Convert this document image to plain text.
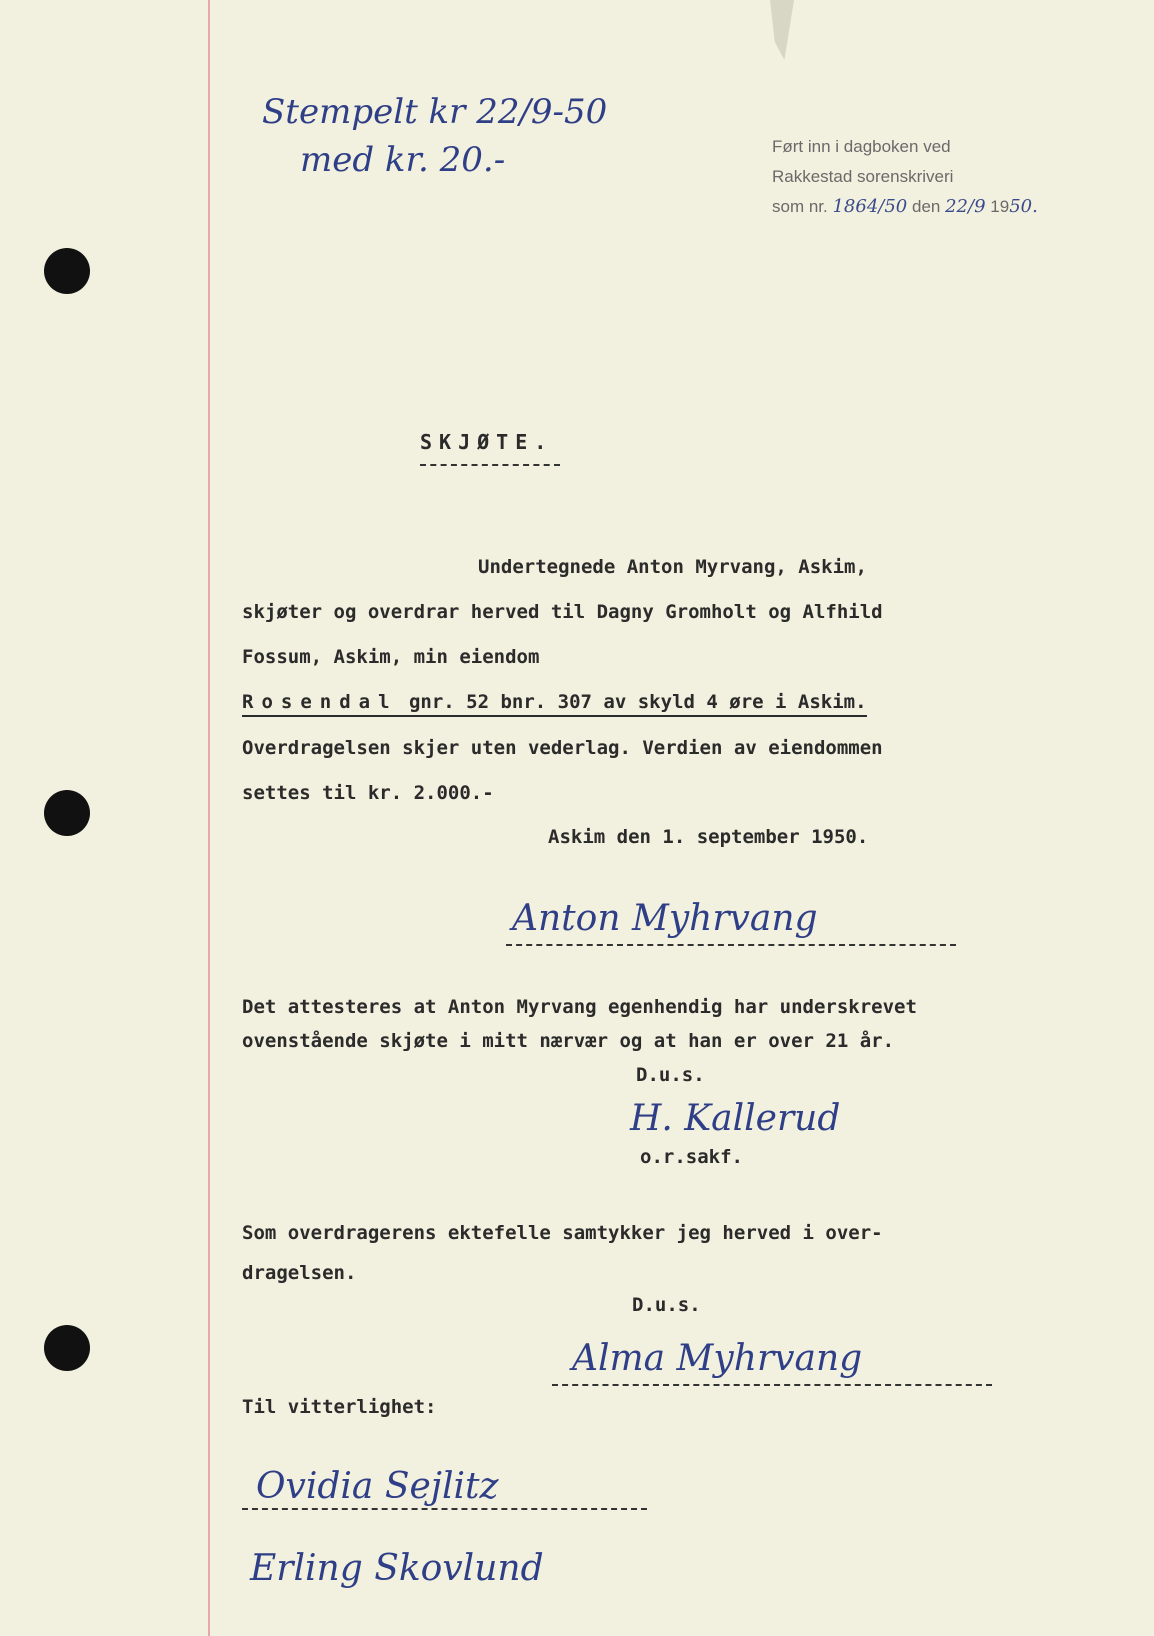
Stempelt kr 22/9-50
med kr. 20.-	Ført inn i dagboken ved
Rakkestad sorenskriveri
som nr. 1864/50 den 22/9 1950.
SKJØTE.
Undertegnede Anton Myrvang, Askim,
skjøter og overdrar herved til Dagny Gromholt og Alfhild
Fossum, Askim, min eiendom
Rosendal gnr. 52 bnr. 307 av skyld 4 øre i Askim.
Overdragelsen skjer uten vederlag. Verdien av eiendommen
settes til kr. 2.000.-
Askim den 1. september 1950.
Anton Myhrvang
Det attesteres at Anton Myrvang egenhendig har underskrevet
ovenstående skjøte i mitt nærvær og at han er over 21 år.
D.u.s.
H. Kallerud
o.r.sakf.
Som overdragerens ektefelle samtykker jeg herved i over-
dragelsen.
D.u.s.
Alma Myhrvang
Til vitterlighet:
Ovidia Sejlitz
Erling Skovlund
